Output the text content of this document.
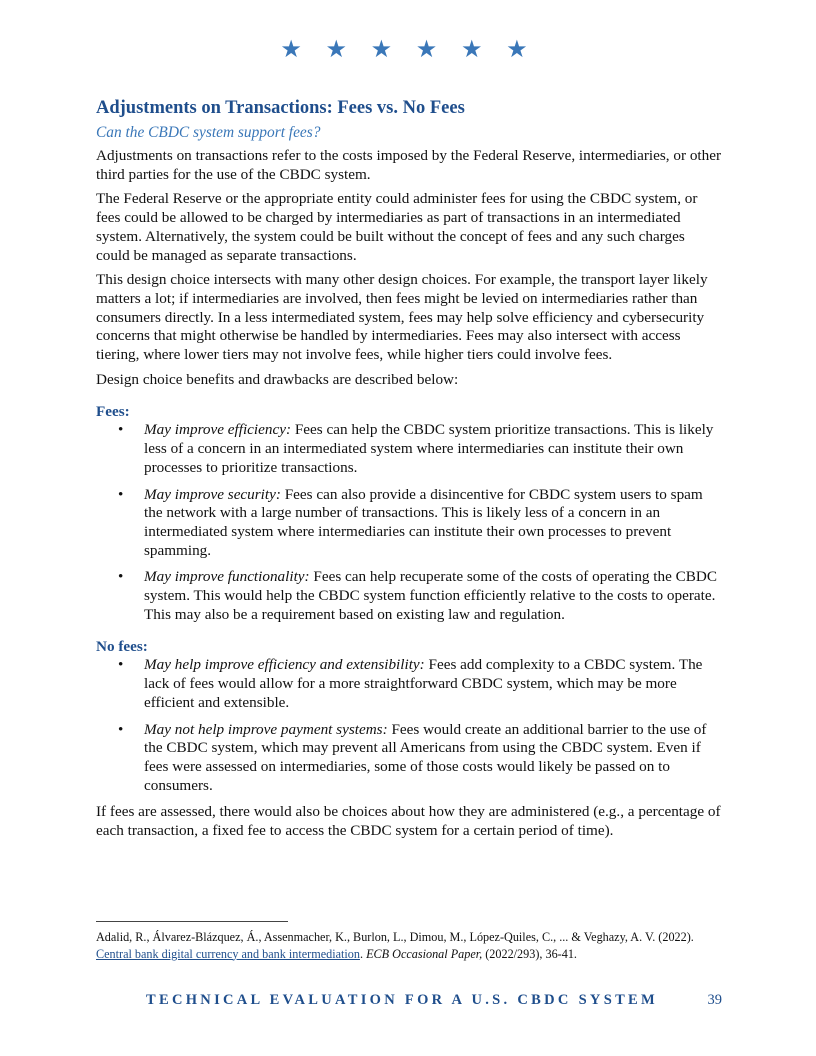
★ ★ ★ ★ ★ ★
Adjustments on Transactions: Fees vs. No Fees
Can the CBDC system support fees?

Adjustments on transactions refer to the costs imposed by the Federal Reserve, intermediaries, or other third parties for the use of the CBDC system.

The Federal Reserve or the appropriate entity could administer fees for using the CBDC system, or fees could be allowed to be charged by intermediaries as part of transactions in an intermediated system. Alternatively, the system could be built without the concept of fees and any such charges could be managed as separate transactions.

This design choice intersects with many other design choices. For example, the transport layer likely matters a lot; if intermediaries are involved, then fees might be levied on intermediaries rather than consumers directly. In a less intermediated system, fees may help solve efficiency and cybersecurity concerns that might otherwise be handled by intermediaries. Fees may also intersect with access tiering, where lower tiers may not involve fees, while higher tiers could involve fees.

Design choice benefits and drawbacks are described below:

Fees:
• May improve efficiency: Fees can help the CBDC system prioritize transactions. This is likely less of a concern in an intermediated system where intermediaries can institute their own processes to prioritize transactions.
• May improve security: Fees can also provide a disincentive for CBDC system users to spam the network with a large number of transactions. This is likely less of a concern in an intermediated system where intermediaries can institute their own processes to prevent spamming.
• May improve functionality: Fees can help recuperate some of the costs of operating the CBDC system. This would help the CBDC system function efficiently relative to the costs to operate. This may also be a requirement based on existing law and regulation.
No fees:
• May help improve efficiency and extensibility: Fees add complexity to a CBDC system. The lack of fees would allow for a more straightforward CBDC system, which may be more efficient and extensible.
• May not help improve payment systems: Fees would create an additional barrier to the use of the CBDC system, which may prevent all Americans from using the CBDC system. Even if fees were assessed on intermediaries, some of those costs would likely be passed on to consumers.

If fees are assessed, there would also be choices about how they are administered (e.g., a percentage of each transaction, a fixed fee to access the CBDC system for a certain period of time).

Adalid, R., Álvarez-Blázquez, Á., Assenmacher, K., Burlon, L., Dimou, M., López-Quiles, C., ... & Veghazy, A. V. (2022). Central bank digital currency and bank intermediation. ECB Occasional Paper, (2022/293), 36-41.
TECHNICAL EVALUATION FOR A U.S. CBDC SYSTEM	39
